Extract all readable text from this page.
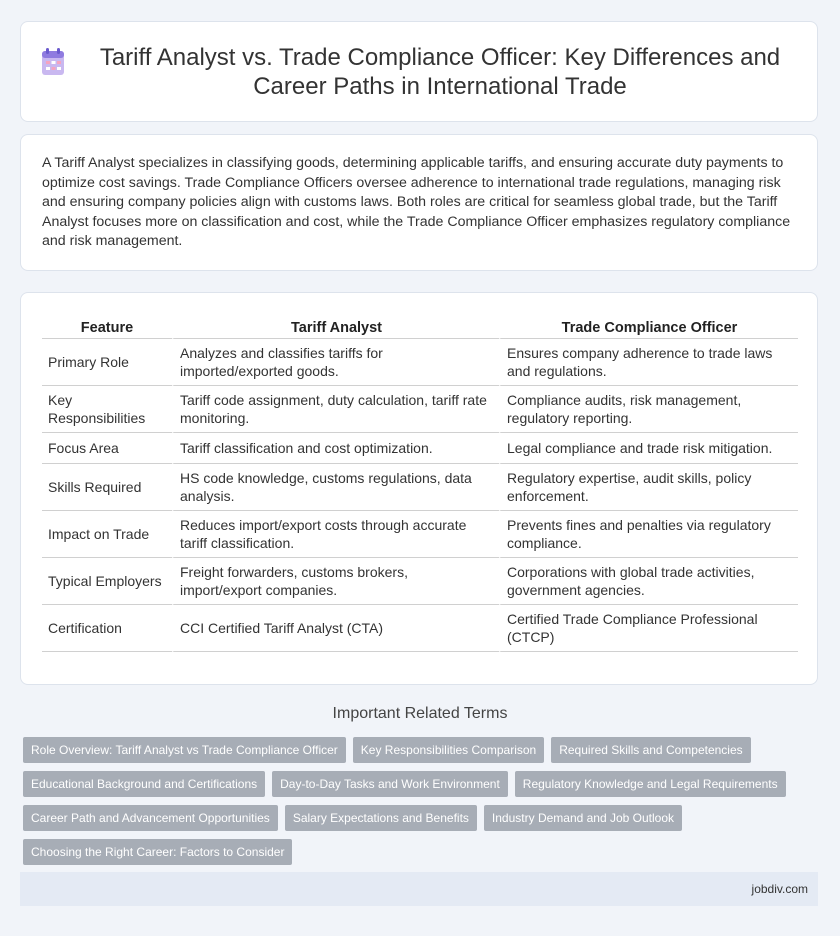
Tariff Analyst vs. Trade Compliance Officer: Key Differences and Career Paths in International Trade

A Tariff Analyst specializes in classifying goods, determining applicable tariffs, and ensuring accurate duty payments to optimize cost savings. Trade Compliance Officers oversee adherence to international trade regulations, managing risk and ensuring company policies align with customs laws. Both roles are critical for seamless global trade, but the Tariff Analyst focuses more on classification and cost, while the Trade Compliance Officer emphasizes regulatory compliance and risk management.

Feature	Tariff Analyst	Trade Compliance Officer
Primary Role	Analyzes and classifies tariffs for imported/exported goods.	Ensures company adherence to trade laws and regulations.
Key Responsibilities	Tariff code assignment, duty calculation, tariff rate monitoring.	Compliance audits, risk management, regulatory reporting.
Focus Area	Tariff classification and cost optimization.	Legal compliance and trade risk mitigation.
Skills Required	HS code knowledge, customs regulations, data analysis.	Regulatory expertise, audit skills, policy enforcement.
Impact on Trade	Reduces import/export costs through accurate tariff classification.	Prevents fines and penalties via regulatory compliance.
Typical Employers	Freight forwarders, customs brokers, import/export companies.	Corporations with global trade activities, government agencies.
Certification	CCI Certified Tariff Analyst (CTA)	Certified Trade Compliance Professional (CTCP)
Important Related Terms
Role Overview: Tariff Analyst vs Trade Compliance Officer	Key Responsibilities Comparison	Required Skills and Competencies
Educational Background and Certifications	Day-to-Day Tasks and Work Environment	Regulatory Knowledge and Legal Requirements
Career Path and Advancement Opportunities	Salary Expectations and Benefits	Industry Demand and Job Outlook
Choosing the Right Career: Factors to Consider
jobdiv.com
